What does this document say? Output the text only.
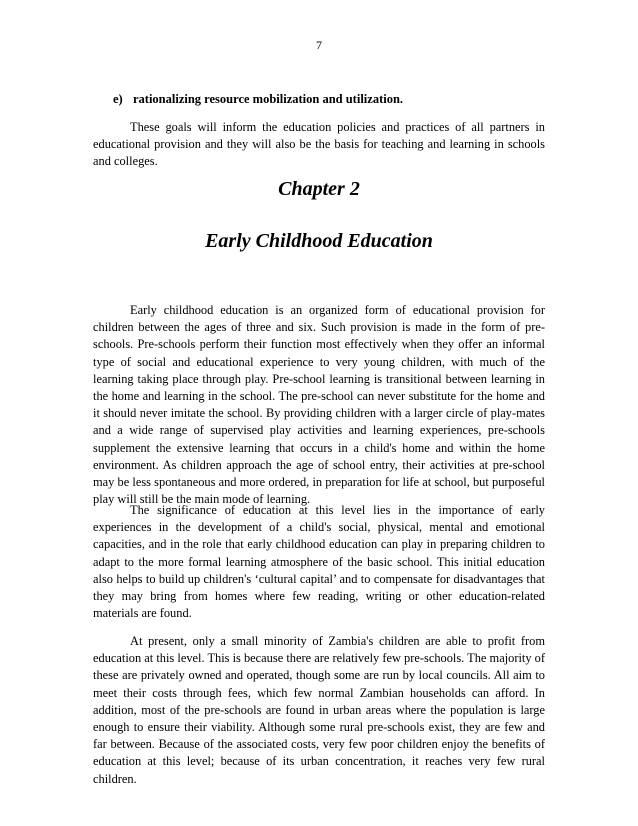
7
e) rationalizing resource mobilization and utilization.

These goals will inform the education policies and practices of all partners in educational provision and they will also be the basis for teaching and learning in schools and colleges.

Chapter 2
Early Childhood Education

Early childhood education is an organized form of educational provision for children between the ages of three and six. Such provision is made in the form of pre-schools. Pre-schools perform their function most effectively when they offer an informal type of social and educational experience to very young children, with much of the learning taking place through play. Pre-school learning is transitional between learning in the home and learning in the school. The pre-school can never substitute for the home and it should never imitate the school. By providing children with a larger circle of play-mates and a wide range of supervised play activities and learning experiences, pre-schools supplement the extensive learning that occurs in a child's home and within the home environment. As children approach the age of school entry, their activities at pre-school may be less spontaneous and more ordered, in preparation for life at school, but purposeful play will still be the main mode of learning.

The significance of education at this level lies in the importance of early experiences in the development of a child's social, physical, mental and emotional capacities, and in the role that early childhood education can play in preparing children to adapt to the more formal learning atmosphere of the basic school. This initial education also helps to build up children's ‘cultural capital’ and to compensate for disadvantages that they may bring from homes where few reading, writing or other education-related materials are found.

At present, only a small minority of Zambia's children are able to profit from education at this level. This is because there are relatively few pre-schools. The majority of these are privately owned and operated, though some are run by local councils. All aim to meet their costs through fees, which few normal Zambian households can afford. In addition, most of the pre-schools are found in urban areas where the population is large enough to ensure their viability. Although some rural pre-schools exist, they are few and far between. Because of the associated costs, very few poor children enjoy the benefits of education at this level; because of its urban concentration, it reaches very few rural children.
